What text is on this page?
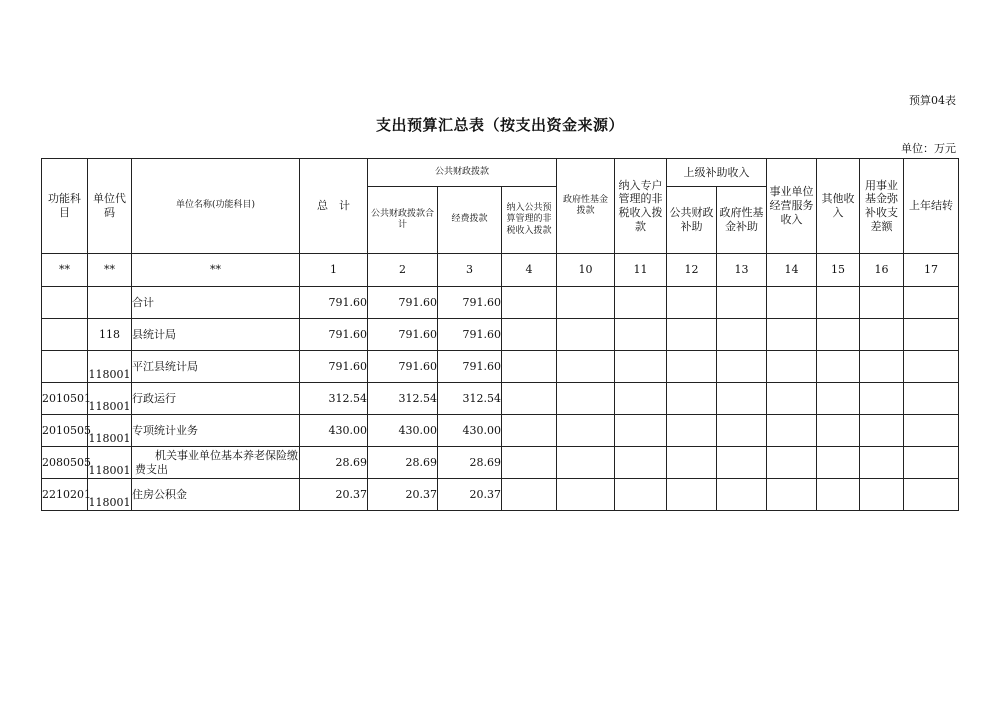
预算04表
支出预算汇总表（按支出资金来源）
单位：万元
功能科目	单位代码	单位名称(功能科目)	总　计	公共财政拨款			政府性基金拨款	纳入专户管理的非税收入拨款	上级补助收入		事业单位经营服务收入	其他收入	用事业基金弥补收支差额	上年结转
				公共财政拨款合计	经费拨款	纳入公共预算管理的非税收入拨款			公共财政补助	政府性基金补助				
**	**	**	1	2	3	4	10	11	12	13	14	15	16	17
		合计	791.60	791.60	791.60									
	118	县统计局	791.60	791.60	791.60									
	118001	平江县统计局	791.60	791.60	791.60									
2010501	118001	行政运行	312.54	312.54	312.54									
2010505	118001	专项统计业务	430.00	430.00	430.00									
2080505	118001	机关事业单位基本养老保险缴费支出	28.69	28.69	28.69									
2210201	118001	住房公积金	20.37	20.37	20.37									
